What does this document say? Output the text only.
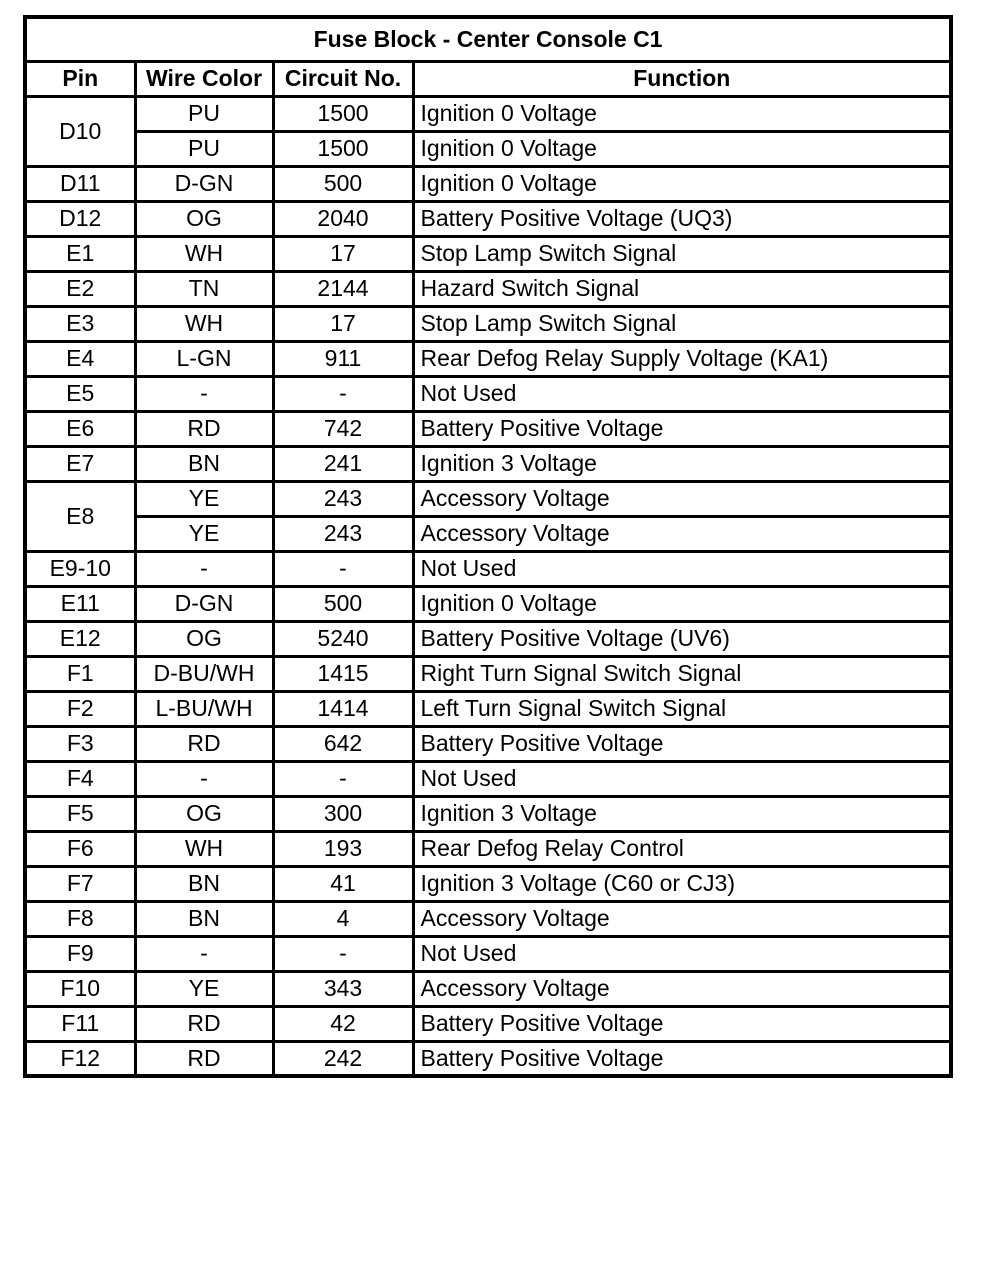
Fuse Block - Center Console C1			
Pin	Wire Color	Circuit No.	Function
D10	PU	1500	Ignition 0 Voltage
	PU	1500	Ignition 0 Voltage
D11	D-GN	500	Ignition 0 Voltage
D12	OG	2040	Battery Positive Voltage (UQ3)
E1	WH	17	Stop Lamp Switch Signal
E2	TN	2144	Hazard Switch Signal
E3	WH	17	Stop Lamp Switch Signal
E4	L-GN	911	Rear Defog Relay Supply Voltage (KA1)
E5	-	-	Not Used
E6	RD	742	Battery Positive Voltage
E7	BN	241	Ignition 3 Voltage
E8	YE	243	Accessory Voltage
	YE	243	Accessory Voltage
E9-10	-	-	Not Used
E11	D-GN	500	Ignition 0 Voltage
E12	OG	5240	Battery Positive Voltage (UV6)
F1	D-BU/WH	1415	Right Turn Signal Switch Signal
F2	L-BU/WH	1414	Left Turn Signal Switch Signal
F3	RD	642	Battery Positive Voltage
F4	-	-	Not Used
F5	OG	300	Ignition 3 Voltage
F6	WH	193	Rear Defog Relay Control
F7	BN	41	Ignition 3 Voltage (C60 or CJ3)
F8	BN	4	Accessory Voltage
F9	-	-	Not Used
F10	YE	343	Accessory Voltage
F11	RD	42	Battery Positive Voltage
F12	RD	242	Battery Positive Voltage
